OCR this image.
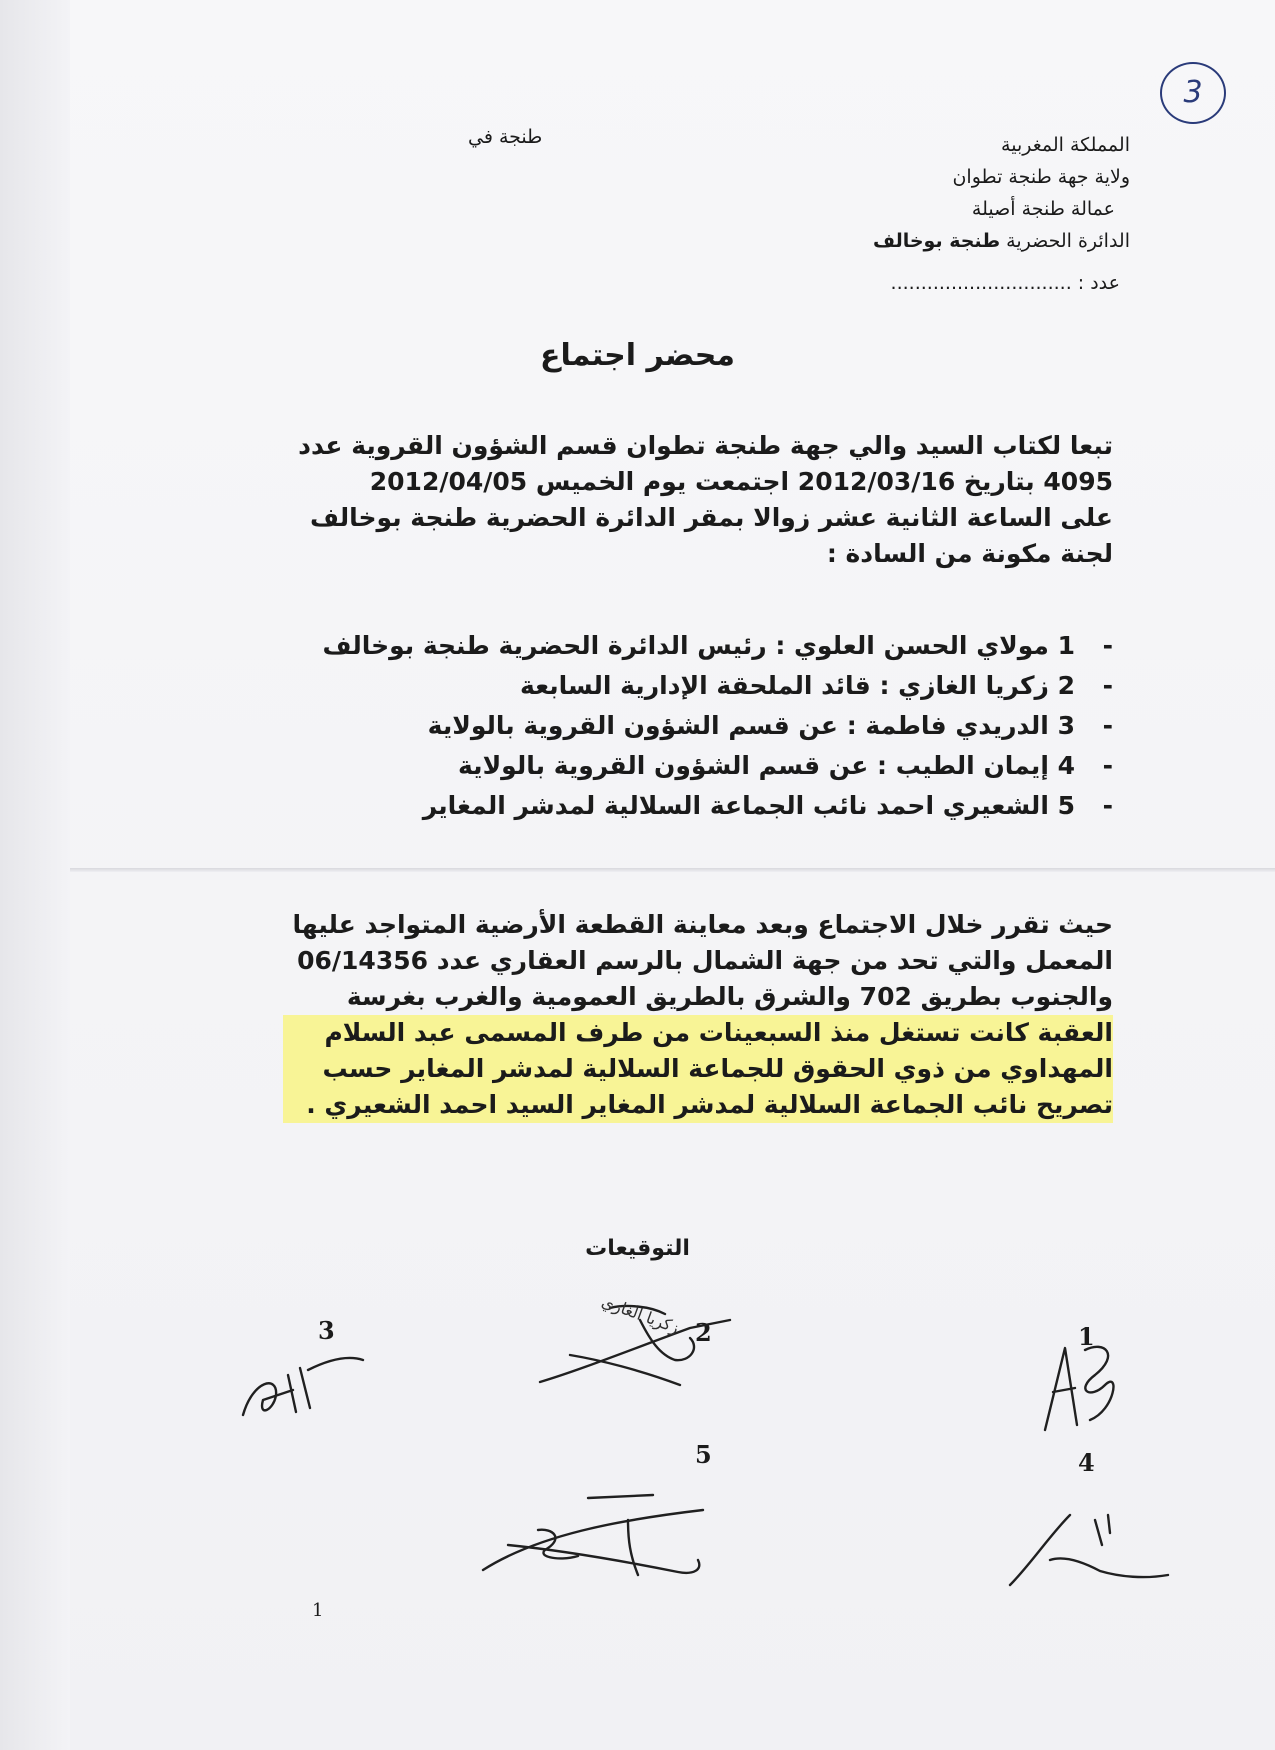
3
المملكة المغربية
ولاية جهة طنجة تطوان
عمالة طنجة أصيلة
الدائرة الحضرية طنجة بوخالف
عدد : ..............................
طنجة في
محضر اجتماع
تبعا لكتاب السيد والي جهة طنجة تطوان قسم الشؤون القروية عدد
4095 بتاريخ 2012/03/16 اجتمعت يوم الخميس 2012/04/05
على الساعة الثانية عشر زوالا بمقر الدائرة الحضرية طنجة بوخالف
لجنة مكونة من السادة :
- 1 مولاي الحسن العلوي : رئيس الدائرة الحضرية طنجة بوخالف
- 2 زكريا الغازي : قائد الملحقة الإدارية السابعة
- 3 الدريدي فاطمة : عن قسم الشؤون القروية بالولاية
- 4 إيمان الطيب : عن قسم الشؤون القروية بالولاية
- 5 الشعيري احمد نائب الجماعة السلالية لمدشر المغاير
حيث تقرر خلال الاجتماع وبعد معاينة القطعة الأرضية المتواجد عليها
المعمل والتي تحد من جهة الشمال بالرسم العقاري عدد 06/14356
والجنوب بطريق 702 والشرق بالطريق العمومية والغرب بغرسة
العقبة كانت تستغل منذ السبعينات من طرف المسمى عبد السلام
المهداوي من ذوي الحقوق للجماعة السلالية لمدشر المغاير حسب
تصريح نائب الجماعة السلالية لمدشر المغاير السيد احمد الشعيري .
التوقيعات
1
2
3
4
5
زكريا الغازي
1
